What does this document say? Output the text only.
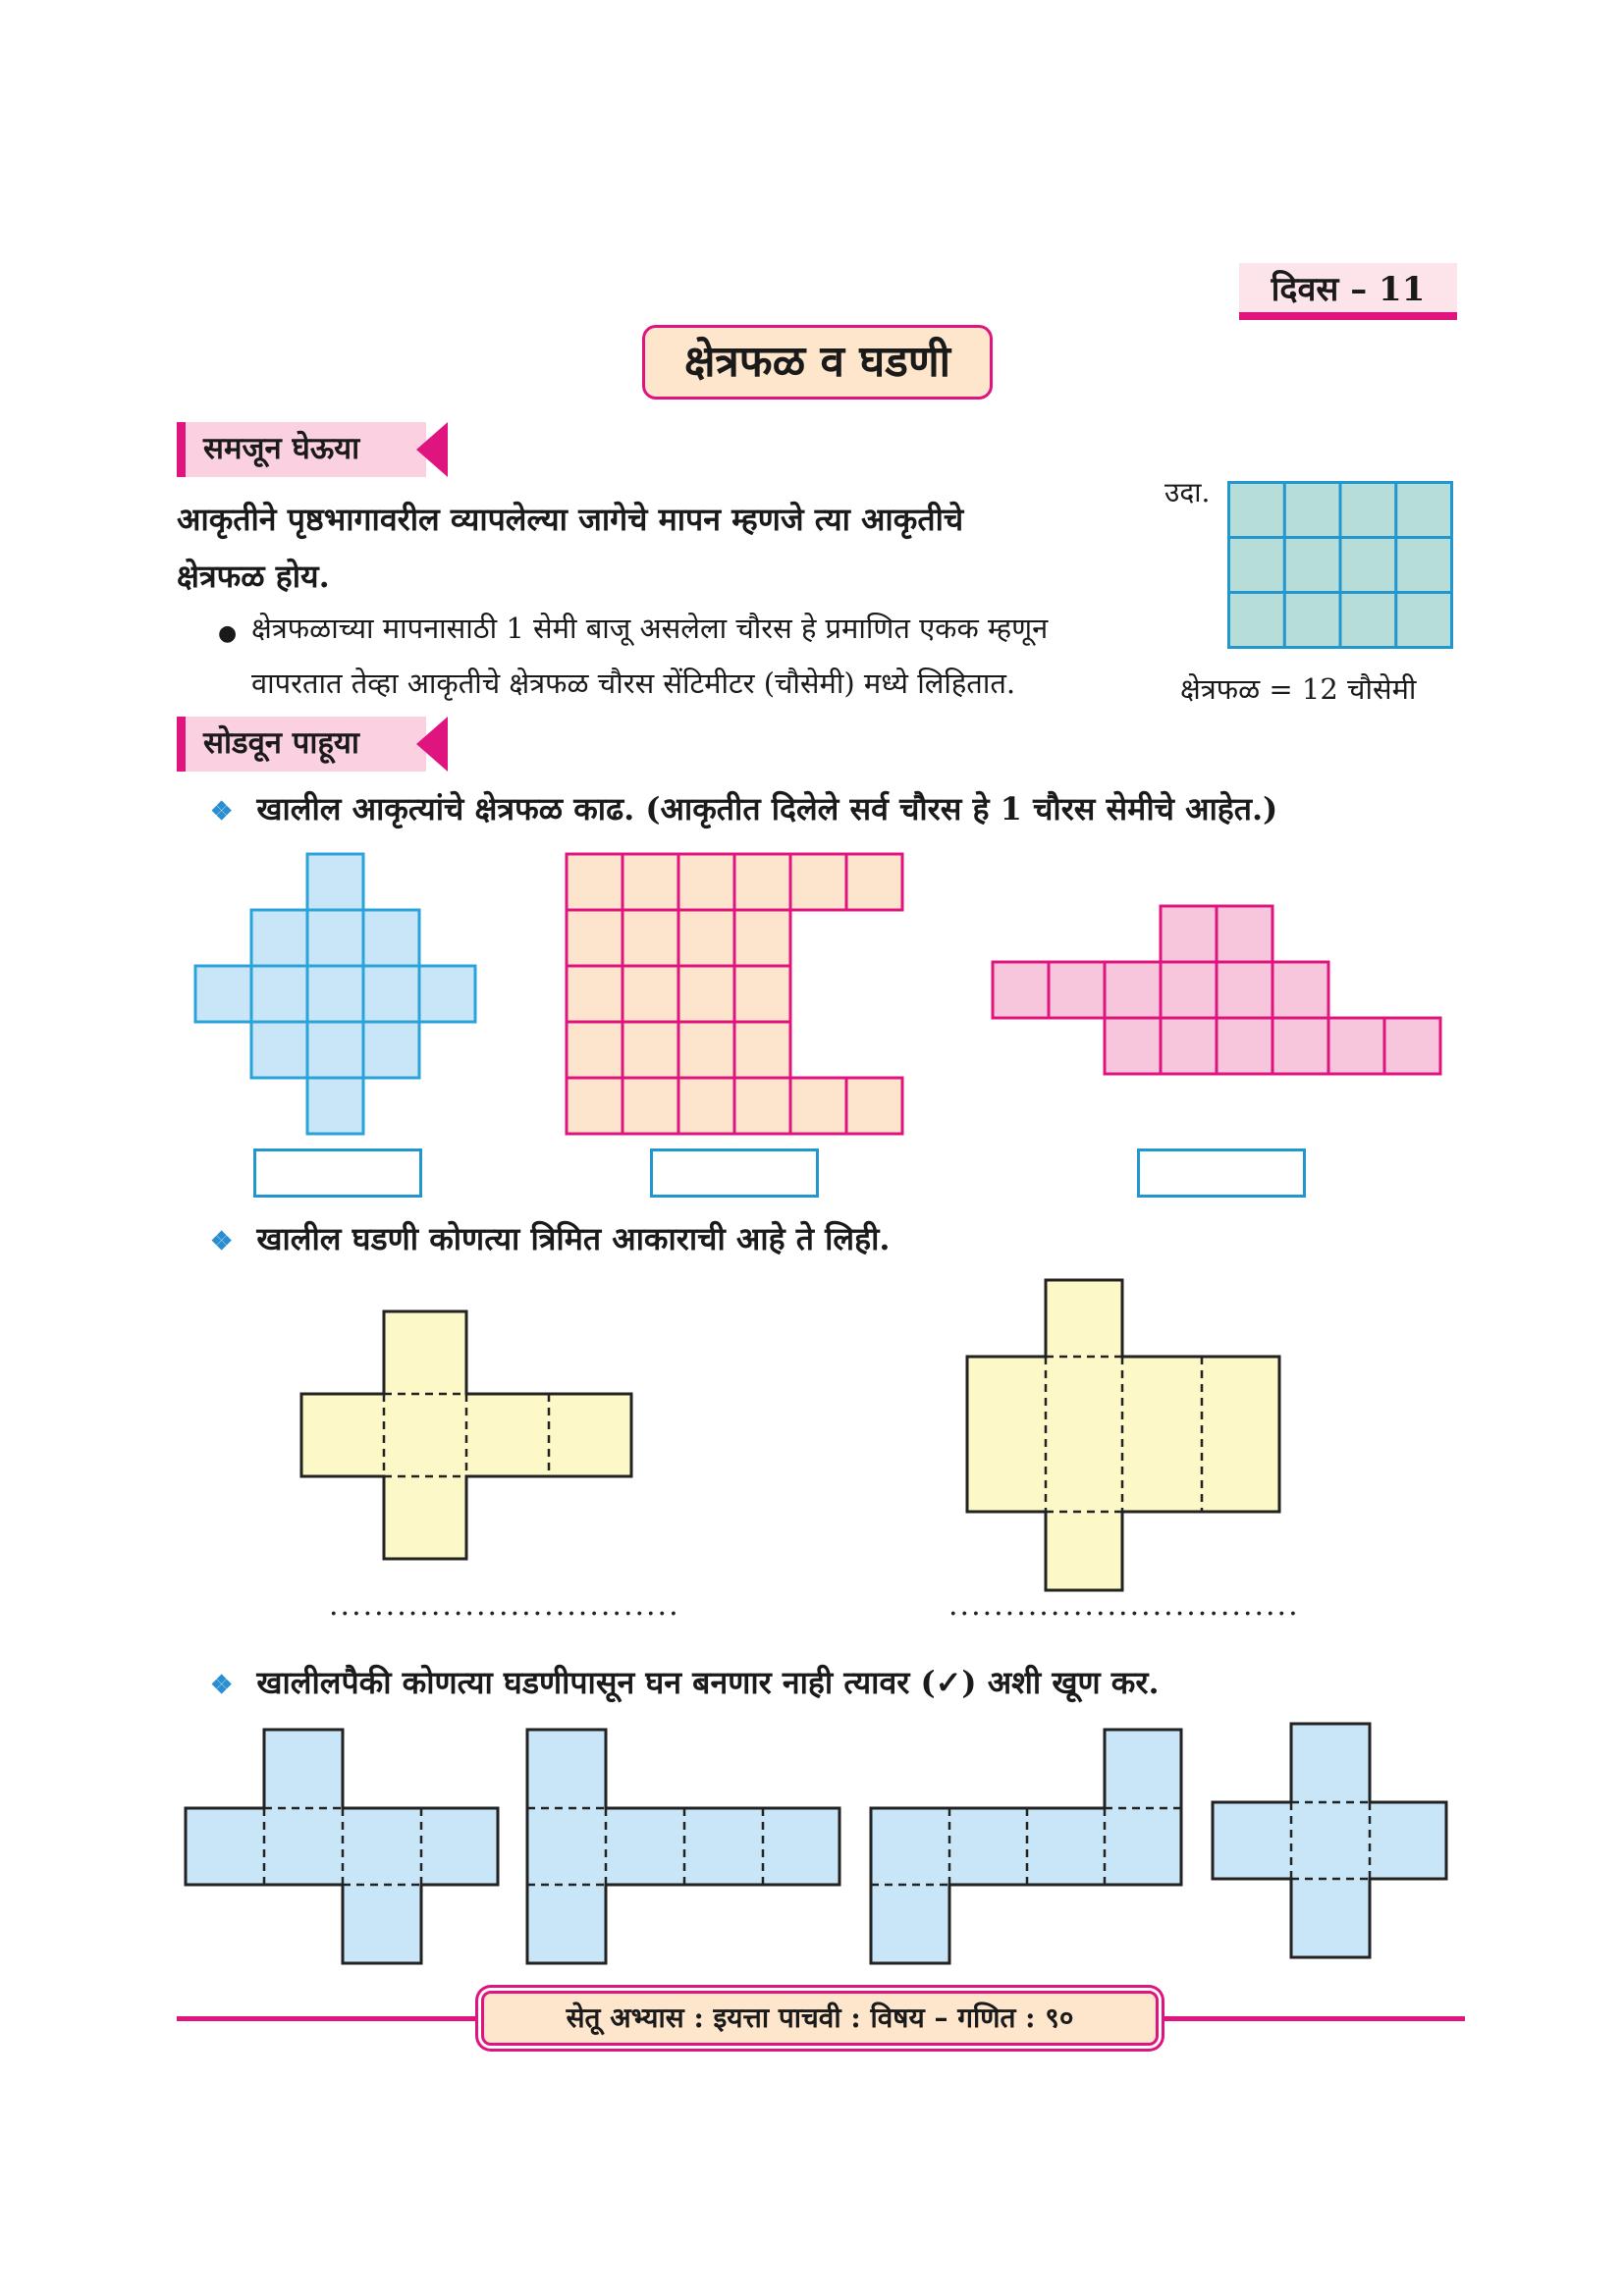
दिवस – 11
क्षेत्रफळ व घडणी
समजून घेऊया
आकृतीने पृष्ठभागावरील व्यापलेल्या जागेचे मापन म्हणजे त्या आकृतीचे
क्षेत्रफळ होय.
● क्षेत्रफळाच्या मापनासाठी 1 सेमी बाजू असलेला चौरस हे प्रमाणित एकक म्हणून
वापरतात तेव्हा आकृतीचे क्षेत्रफळ चौरस सेंटिमीटर (चौसेमी) मध्ये लिहितात.
उदा.
क्षेत्रफळ = 12 चौसेमी
सोडवून पाहूया
❖ खालील आकृत्यांचे क्षेत्रफळ काढ. (आकृतीत दिलेले सर्व चौरस हे 1 चौरस सेमीचे आहेत.)
❖ खालील घडणी कोणत्या त्रिमित आकाराची आहे ते लिही.
...............................	...............................
❖ खालीलपैकी कोणत्या घडणीपासून घन बनणार नाही त्यावर (✓) अशी खूण कर.
सेतू अभ्यास : इयत्ता पाचवी : विषय – गणित : ९०
